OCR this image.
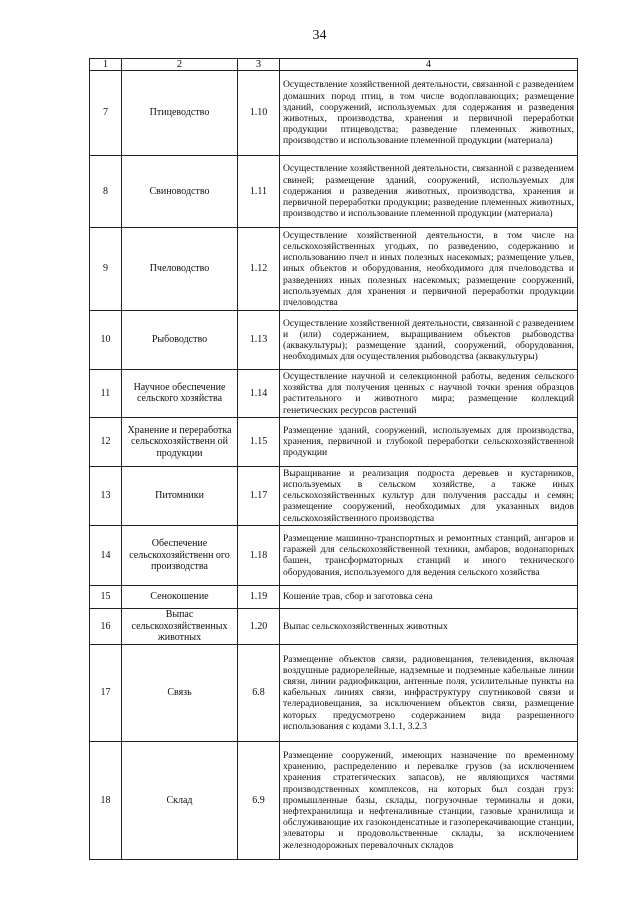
34
1	2	3	4
7	Птицеводство	1.10	Осуществление хозяйственной деятельности, связанной с разведением домашних пород птиц, в том числе водоплавающих; размещение зданий, сооружений, используемых для содержания и разведения животных, производства, хранения и первичной переработки продукции птицеводства; разведение племенных животных, производство и использование племенной продукции (материала)
8	Свиноводство	1.11	Осуществление хозяйственной деятельности, связанной с разведением свиней; размещение зданий, сооружений, используемых для содержания и разведения животных, производства, хранения и первичной переработки продукции; разведение племенных животных, производство и использование племенной продукции (материала)
9	Пчеловодство	1.12	Осуществление хозяйственной деятельности, в том числе на сельскохозяйственных угодьях, по разведению, содержанию и использованию пчел и иных полезных насекомых; размещение ульев, иных объектов и оборудования, необходимого для пчеловодства и разведениях иных полезных насекомых; размещение сооружений, используемых для хранения и первичной переработки продукции пчеловодства
10	Рыбоводство	1.13	Осуществление хозяйственной деятельности, связанной с разведением и (или) содержанием, выращиванием объектов рыбоводства (аквакультуры); размещение зданий, сооружений, оборудования, необходимых для осуществления рыбоводства (аквакультуры)
11	Научное обеспечение сельского хозяйства	1.14	Осуществление научной и селекционной работы, ведения сельского хозяйства для получения ценных с научной точки зрения образцов растительного и животного мира; размещение коллекций генетических ресурсов растений
12	Хранение и переработка сельскохозяйственн ой продукции	1.15	Размещение зданий, сооружений, используемых для производства, хранения, первичной и глубокой переработки сельскохозяйственной продукции
13	Питомники	1.17	Выращивание и реализация подроста деревьев и кустарников, используемых в сельском хозяйстве, а также иных сельскохозяйственных культур для получения рассады и семян; размещение сооружений, необходимых для указанных видов сельскохозяйственного производства
14	Обеспечение сельскохозяйственн ого производства	1.18	Размещение машинно-транспортных и ремонтных станций, ангаров и гаражей для сельскохозяйственной техники, амбаров, водонапорных башен, трансформаторных станций и иного технического оборудования, используемого для ведения сельского хозяйства
15	Сенокошение	1.19	Кошение трав, сбор и заготовка сена
16	Выпас сельскохозяйственных животных	1.20	Выпас сельскохозяйственных животных
17	Связь	6.8	Размещение объектов связи, радиовещания, телевидения, включая воздушные радиорелейные, надземные и подземные кабельные линии связи, линии радиофикации, антенные поля, усилительные пункты на кабельных линиях связи, инфраструктуру спутниковой связи и телерадиовещания, за исключением объектов связи, размещение которых предусмотрено содержанием вида разрешенного использования с кодами 3.1.1, 3.2.3
18	Склад	6.9	Размещение сооружений, имеющих назначение по временному хранению, распределению и перевалке грузов (за исключением хранения стратегических запасов), не являющихся частями производственных комплексов, на которых был создан груз: промышленные базы, склады, погрузочные терминалы и доки, нефтехранилища и нефтеналивные станции, газовые хранилища и обслуживающие их газоконденсатные и газоперекачивающие станции, элеваторы и продовольственные склады, за исключением железнодорожных перевалочных складов
